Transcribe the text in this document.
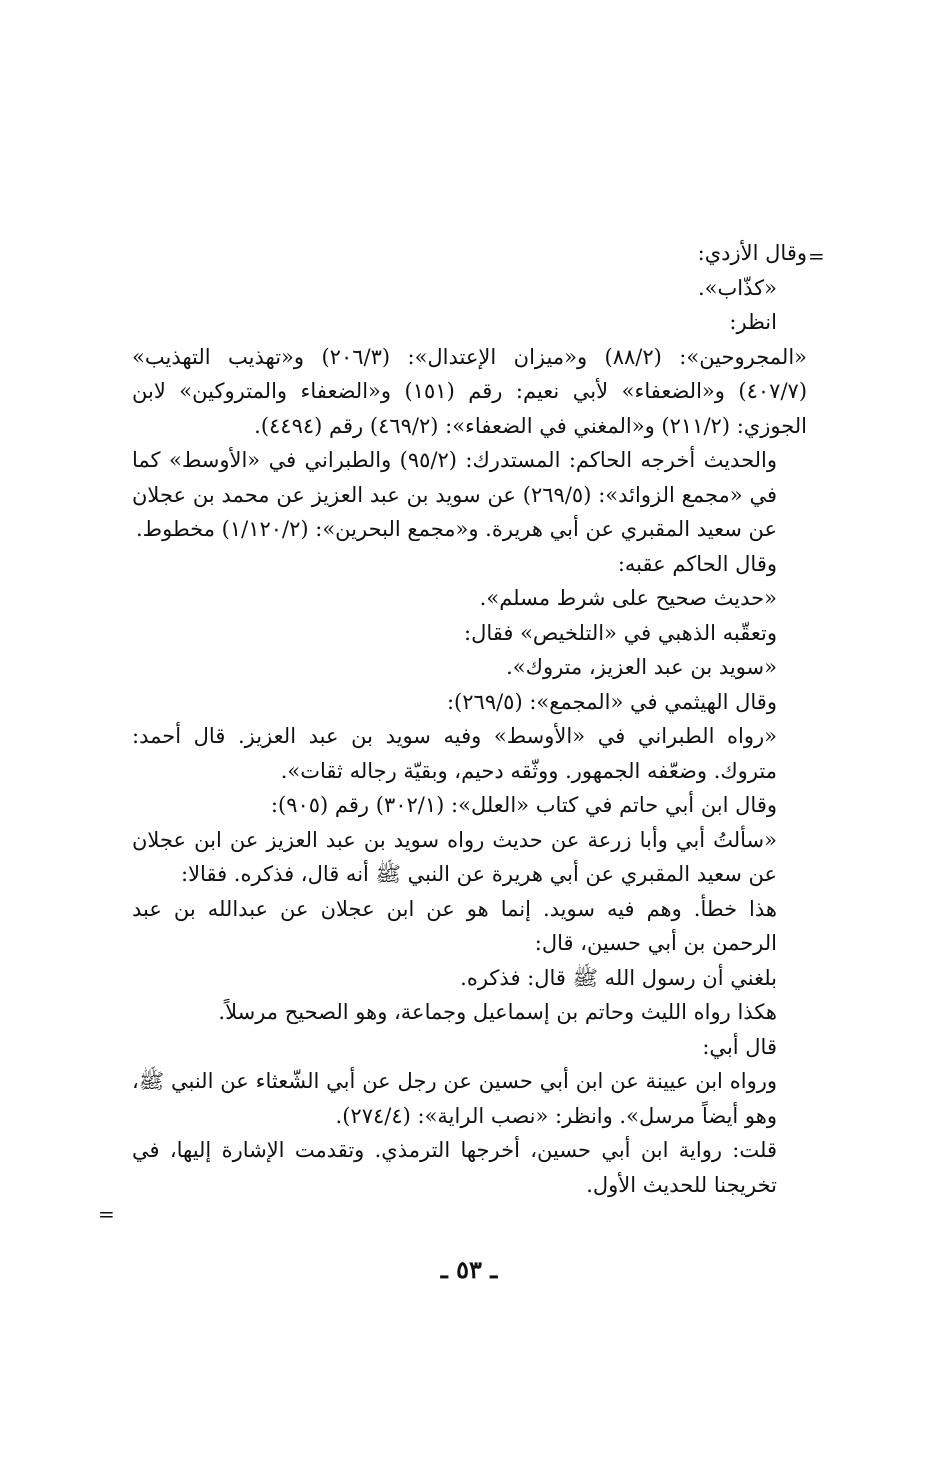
=

وقال الأزدي:

«كذّاب».

انظر:

«المجروحين»: (٨٨/٢) و«ميزان الإعتدال»: (٢٠٦/٣) و«تهذيب التهذيب» (٤٠٧/٧) و«الضعفاء» لأبي نعيم: رقم (١٥١) و«الضعفاء والمتروكين» لابن الجوزي: (٢١١/٢) و«المغني في الضعفاء»: (٤٦٩/٢) رقم (٤٤٩٤).

والحديث أخرجه الحاكم: المستدرك: (٩٥/٢) والطبراني في «الأوسط» كما في «مجمع الزوائد»: (٢٦٩/٥) عن سويد بن عبد العزيز عن محمد بن عجلان عن سعيد المقبري عن أبي هريرة. و«مجمع البحرين»: (١/١٢٠/٢) مخطوط.

وقال الحاكم عقبه:

«حديث صحيح على شرط مسلم».

وتعقّبه الذهبي في «التلخيص» فقال:

«سويد بن عبد العزيز، متروك».

وقال الهيثمي في «المجمع»: (٢٦٩/٥):

«رواه الطبراني في «الأوسط» وفيه سويد بن عبد العزيز. قال أحمد: متروك. وضعّفه الجمهور. ووثّقه دحيم، وبقيّة رجاله ثقات».

وقال ابن أبي حاتم في كتاب «العلل»: (٣٠٢/١) رقم (٩٠٥):

«سألتُ أبي وأبا زرعة عن حديث رواه سويد بن عبد العزيز عن ابن عجلان عن سعيد المقبري عن أبي هريرة عن النبي ﷺ أنه قال، فذكره. فقالا:

هذا خطأ. وهم فيه سويد. إنما هو عن ابن عجلان عن عبدالله بن عبد الرحمن بن أبي حسين، قال:

بلغني أن رسول الله ﷺ قال: فذكره.

هكذا رواه الليث وحاتم بن إسماعيل وجماعة، وهو الصحيح مرسلاً.

قال أبي:

ورواه ابن عيينة عن ابن أبي حسين عن رجل عن أبي الشّعثاء عن النبي ﷺ، وهو أيضاً مرسل». وانظر: «نصب الراية»: (٢٧٤/٤).

قلت: رواية ابن أبي حسين، أخرجها الترمذي. وتقدمت الإشارة إليها، في تخريجنا للحديث الأول.

=
ـ ٥٣ ـ
